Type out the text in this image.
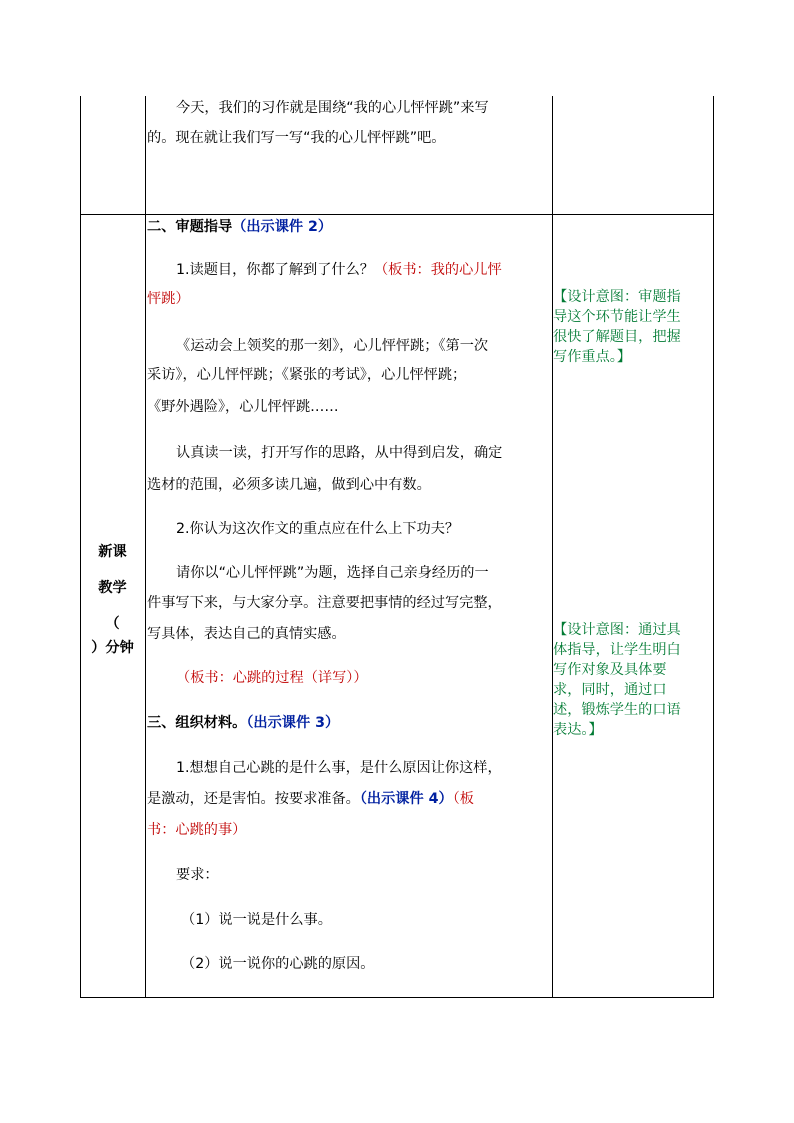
今天，我们的习作就是围绕“我的心儿怦怦跳”来写
的。现在就让我们写一写“我的心儿怦怦跳”吧。
新课
教学
（
）分钟
二、审题指导（出示课件 2）
1.读题目，你都了解到了什么？（板书：我的心儿怦
怦跳）
《运动会上领奖的那一刻》，心儿怦怦跳；《第一次
采访》，心儿怦怦跳；《紧张的考试》，心儿怦怦跳；
《野外遇险》，心儿怦怦跳……
认真读一读，打开写作的思路，从中得到启发，确定
选材的范围，必须多读几遍，做到心中有数。
2.你认为这次作文的重点应在什么上下功夫？
请你以“心儿怦怦跳”为题，选择自己亲身经历的一
件事写下来，与大家分享。注意要把事情的经过写完整，
写具体，表达自己的真情实感。
（板书：心跳的过程（详写））
三、组织材料。（出示课件 3）
1.想想自己心跳的是什么事，是什么原因让你这样，
是激动，还是害怕。按要求准备。（出示课件 4）（板
书：心跳的事）
要求：
（1）说一说是什么事。
（2）说一说你的心跳的原因。
【设计意图：审题指
导这个环节能让学生
很快了解题目，把握
写作重点。】
【设计意图：通过具
体指导，让学生明白
写作对象及具体要
求，同时，通过口
述，锻炼学生的口语
表达。】
